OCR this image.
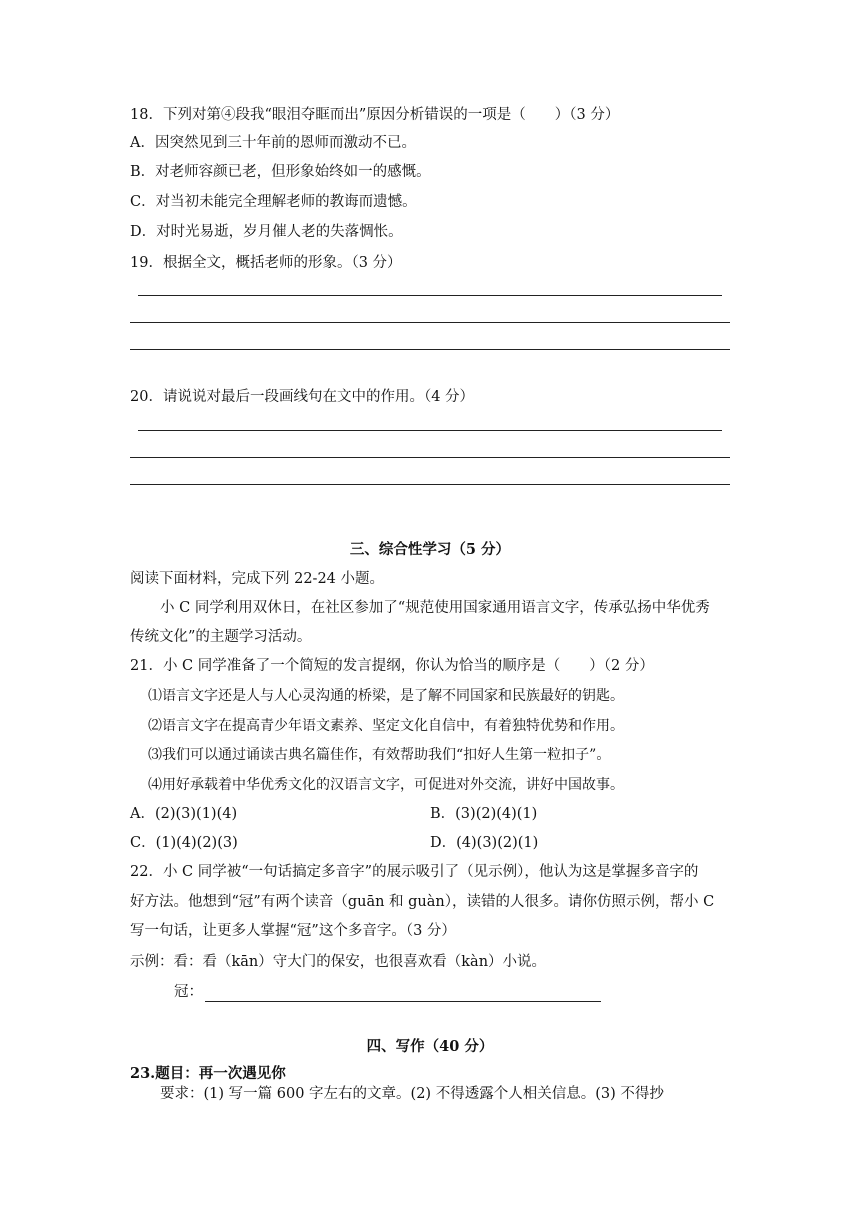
18．下列对第④段我“眼泪夺眶而出”原因分析错误的一项是（　　）（3 分）
A．因突然见到三十年前的恩师而激动不已。
B．对老师容颜已老，但形象始终如一的感慨。
C．对当初未能完全理解老师的教诲而遗憾。
D．对时光易逝，岁月催人老的失落惆怅。
19．根据全文，概括老师的形象。（3 分）
20．请说说对最后一段画线句在文中的作用。（4 分）
三、综合性学习（5 分）
阅读下面材料，完成下列 22-24 小题。
小 C 同学利用双休日，在社区参加了“规范使用国家通用语言文字，传承弘扬中华优秀
传统文化”的主题学习活动。
21．小 C 同学准备了一个简短的发言提纲，你认为恰当的顺序是（　　）（2 分）
⑴语言文字还是人与人心灵沟通的桥梁，是了解不同国家和民族最好的钥匙。
⑵语言文字在提高青少年语文素养、坚定文化自信中，有着独特优势和作用。
⑶我们可以通过诵读古典名篇佳作，有效帮助我们“扣好人生第一粒扣子”。
⑷用好承载着中华优秀文化的汉语言文字，可促进对外交流，讲好中国故事。
A．(2)(3)(1)(4)	B．(3)(2)(4)(1)
C．(1)(4)(2)(3)	D．(4)(3)(2)(1)
22．小 C 同学被“一句话搞定多音字”的展示吸引了（见示例），他认为这是掌握多音字的
好方法。他想到“冠”有两个读音（guān 和 guàn），读错的人很多。请你仿照示例，帮小 C
写一句话，让更多人掌握“冠”这个多音字。（3 分）
示例：看：看（kān）守大门的保安，也很喜欢看（kàn）小说。
冠：
四、写作（40 分）
23.题目：再一次遇见你
要求：(1) 写一篇 600 字左右的文章。(2) 不得透露个人相关信息。(3) 不得抄
